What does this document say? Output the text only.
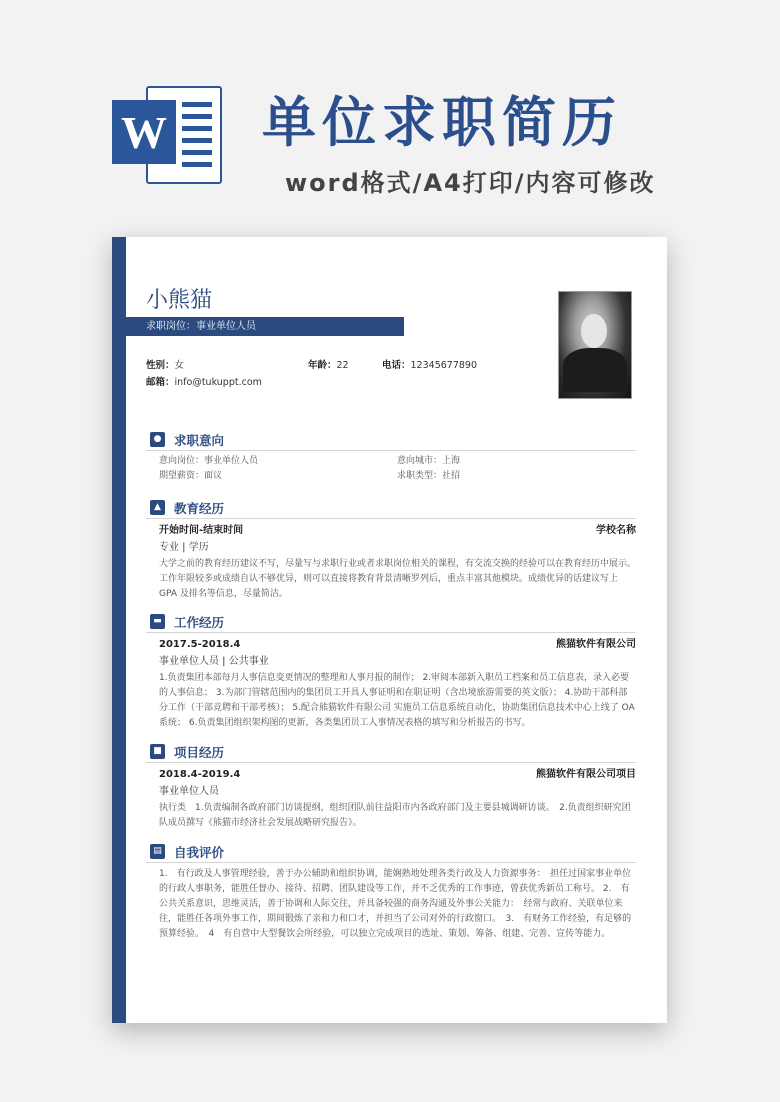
W 单位求职简历
word格式/A4打印/内容可修改
小熊猫
求职岗位：事业单位人员
性别：女	年龄：22	电话：12345677890
邮箱：info@tukuppt.com
● 求职意向
意向岗位：事业单位人员	意向城市：上海
期望薪资：面议	求职类型：社招
▲	教育经历
开始时间-结束时间	学校名称
专业 | 学历
大学之前的教育经历建议不写，尽量写与求职行业或者求职岗位相关的课程，有交流交换的经验可以在教育经历中展示。工作年限较多或成绩自认不够优异，则可以直接将教育背景清晰罗列后，重点丰富其他模块。成绩优异的话建议写上 GPA 及排名等信息，尽量简洁。
▬ 工作经历
2017.5-2018.4	熊猫软件有限公司
事业单位人员 | 公共事业
1.负责集团本部每月人事信息变更情况的整理和人事月报的制作； 2.审阅本部新入职员工档案和员工信息表，录入必要的人事信息； 3.为部门管辖范围内的集团员工开具人事证明和在职证明（含出境旅游需要的英文版）； 4.协助干部科部分工作（干部竞聘和干部考核）； 5.配合熊猫软件有限公司 实施员工信息系统自动化，协助集团信息技术中心上线了 OA 系统； 6.负责集团组织架构图的更新，各类集团员工人事情况表格的填写和分析报告的书写。
■ 项目经历
2018.4-2019.4	熊猫软件有限公司项目
事业单位人员
执行类　1.负责编制各政府部门访谈提纲，组织团队前往益阳市内各政府部门及主要县城调研访谈。　2.负责组织研究团队成员撰写《熊猫市经济社会发展战略研究报告》。
▤ 自我评价
1.　有行政及人事管理经验，善于办公辅助和组织协调，能娴熟地处理各类行政及人力资源事务：　担任过国家事业单位的行政人事职务，能胜任督办、接待、招聘、团队建设等工作，并不乏优秀的工作事迹，曾获优秀新员工称号。 2.　有公共关系意识，思维灵活，善于协调和人际交往，并具备较强的商务沟通及外事公关能力：　经常与政府、关联单位来往，能胜任各项外事工作，期间锻炼了亲和力和口才，并担当了公司对外的行政窗口。　3.　有财务工作经验，有足够的预算经验。　4　有自营中大型餐饮会所经验，可以独立完成项目的选址、策划、筹备、组建、完善、宣传等能力。
